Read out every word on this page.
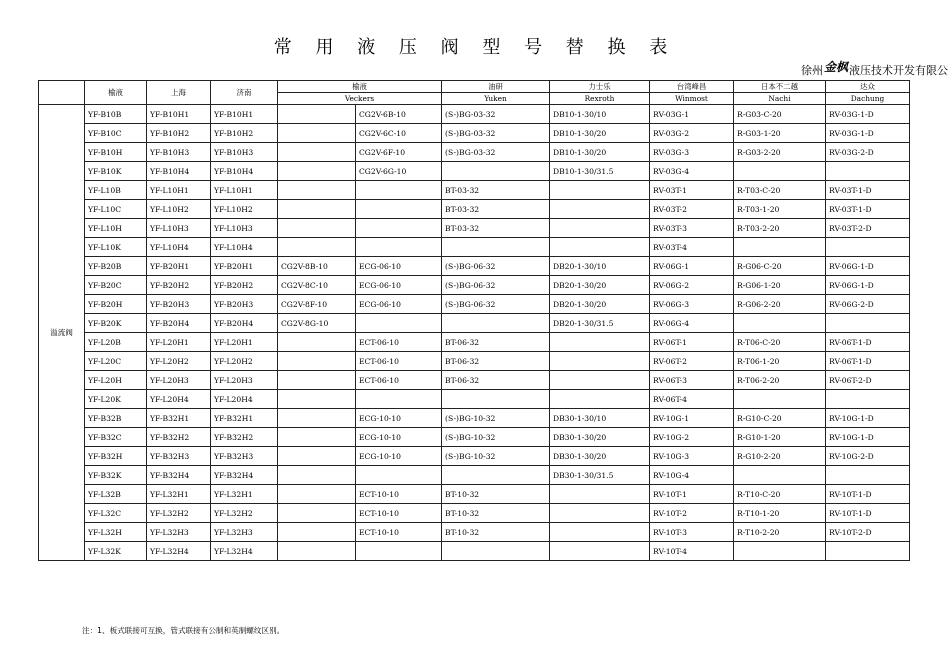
常 用 液 压 阀 型 号 替 换 表
徐州 金枫 液压技术开发有限公
	榆液	上海	济南	榆液		油研	力士乐	台湾峰昌	日本不二越	达众
				Veckers		Yuken	Rexroth	Winmost	Nachi	Dachung
溢流阀	YF-B10B	YF-B10H1	YF-B10H1		CG2V-6B-10	(S-)BG-03-32	DB10-1-30/10	RV-03G-1	R-G03-C-20	RV-03G-1-D
	YF-B10C	YF-B10H2	YF-B10H2		CG2V-6C-10	(S-)BG-03-32	DB10-1-30/20	RV-03G-2	R-G03-1-20	RV-03G-1-D
	YF-B10H	YF-B10H3	YF-B10H3		CG2V-6F-10	(S-)BG-03-32	DB10-1-30/20	RV-03G-3	R-G03-2-20	RV-03G-2-D
	YF-B10K	YF-B10H4	YF-B10H4		CG2V-6G-10		DB10-1-30/31.5	RV-03G-4		
	YF-L10B	YF-L10H1	YF-L10H1			BT-03-32		RV-03T-1	R-T03-C-20	RV-03T-1-D
	YF-L10C	YF-L10H2	YF-L10H2			BT-03-32		RV-03T-2	R-T03-1-20	RV-03T-1-D
	YF-L10H	YF-L10H3	YF-L10H3			BT-03-32		RV-03T-3	R-T03-2-20	RV-03T-2-D
	YF-L10K	YF-L10H4	YF-L10H4					RV-03T-4		
	YF-B20B	YF-B20H1	YF-B20H1	CG2V-8B-10	ECG-06-10	(S-)BG-06-32	DB20-1-30/10	RV-06G-1	R-G06-C-20	RV-06G-1-D
	YF-B20C	YF-B20H2	YF-B20H2	CG2V-8C-10	ECG-06-10	(S-)BG-06-32	DB20-1-30/20	RV-06G-2	R-G06-1-20	RV-06G-1-D
	YF-B20H	YF-B20H3	YF-B20H3	CG2V-8F-10	ECG-06-10	(S-)BG-06-32	DB20-1-30/20	RV-06G-3	R-G06-2-20	RV-06G-2-D
	YF-B20K	YF-B20H4	YF-B20H4	CG2V-8G-10			DB20-1-30/31.5	RV-06G-4		
	YF-L20B	YF-L20H1	YF-L20H1		ECT-06-10	BT-06-32		RV-06T-1	R-T06-C-20	RV-06T-1-D
	YF-L20C	YF-L20H2	YF-L20H2		ECT-06-10	BT-06-32		RV-06T-2	R-T06-1-20	RV-06T-1-D
	YF-L20H	YF-L20H3	YF-L20H3		ECT-06-10	BT-06-32		RV-06T-3	R-T06-2-20	RV-06T-2-D
	YF-L20K	YF-L20H4	YF-L20H4					RV-06T-4		
	YF-B32B	YF-B32H1	YF-B32H1		ECG-10-10	(S-)BG-10-32	DB30-1-30/10	RV-10G-1	R-G10-C-20	RV-10G-1-D
	YF-B32C	YF-B32H2	YF-B32H2		ECG-10-10	(S-)BG-10-32	DB30-1-30/20	RV-10G-2	R-G10-1-20	RV-10G-1-D
	YF-B32H	YF-B32H3	YF-B32H3		ECG-10-10	(S-)BG-10-32	DB30-1-30/20	RV-10G-3	R-G10-2-20	RV-10G-2-D
	YF-B32K	YF-B32H4	YF-B32H4				DB30-1-30/31.5	RV-10G-4		
	YF-L32B	YF-L32H1	YF-L32H1		ECT-10-10	BT-10-32		RV-10T-1	R-T10-C-20	RV-10T-1-D
	YF-L32C	YF-L32H2	YF-L32H2		ECT-10-10	BT-10-32		RV-10T-2	R-T10-1-20	RV-10T-1-D
	YF-L32H	YF-L32H3	YF-L32H3		ECT-10-10	BT-10-32		RV-10T-3	R-T10-2-20	RV-10T-2-D
	YF-L32K	YF-L32H4	YF-L32H4					RV-10T-4		
注：1、板式联接可互换，管式联接有公制和英制螺纹区别。
